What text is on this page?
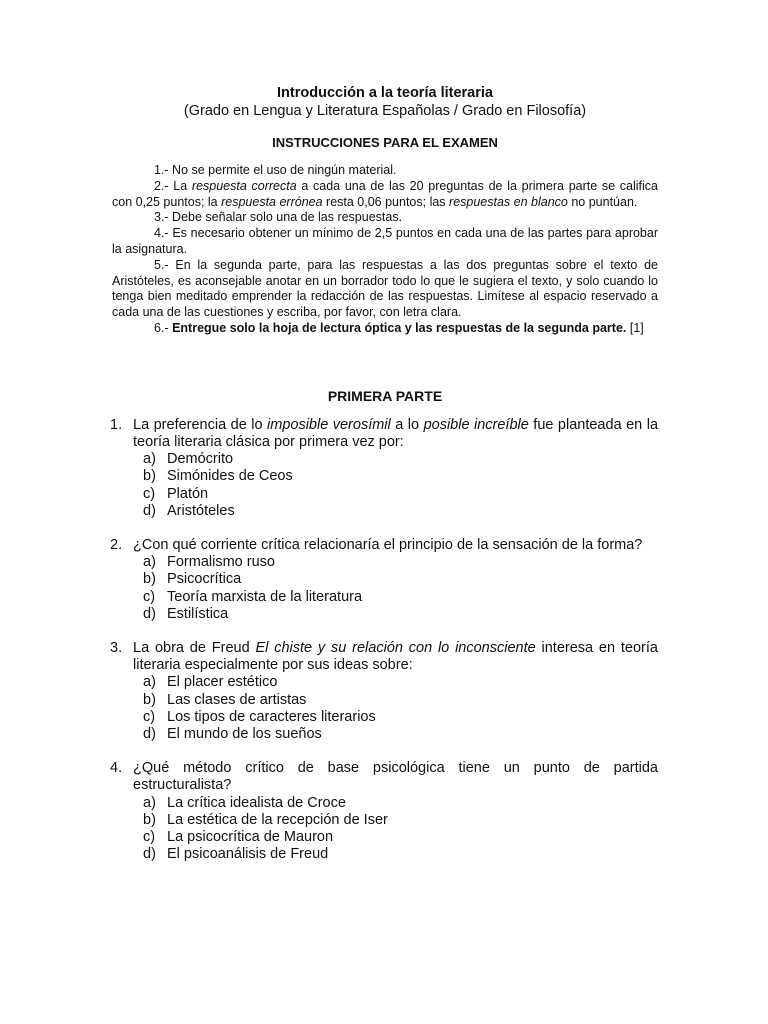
Introducción a la teoría literaria
(Grado en Lengua y Literatura Españolas / Grado en Filosofía)
INSTRUCCIONES PARA EL EXAMEN

1.- No se permite el uso de ningún material.

2.- La respuesta correcta a cada una de las 20 preguntas de la primera parte se califica con 0,25 puntos; la respuesta errónea resta 0,06 puntos; las respuestas en blanco no puntúan.

3.- Debe señalar solo una de las respuestas.

4.- Es necesario obtener un mínimo de 2,5 puntos en cada una de las partes para aprobar la asignatura.

5.- En la segunda parte, para las respuestas a las dos preguntas sobre el texto de Aristóteles, es aconsejable anotar en un borrador todo lo que le sugiera el texto, y solo cuando lo tenga bien meditado emprender la redacción de las respuestas. Limítese al espacio reservado a cada una de las cuestiones y escriba, por favor, con letra clara.

6.- Entregue solo la hoja de lectura óptica y las respuestas de la segunda parte. [1]

PRIMERA PARTE
1. La preferencia de lo imposible verosímil a lo posible increíble fue planteada en la teoría literaria clásica por primera vez por:
a) Demócrito
b) Simónides de Ceos
c) Platón
d) Aristóteles
2. ¿Con qué corriente crítica relacionaría el principio de la sensación de la forma?
a) Formalismo ruso
b) Psicocrítica
c) Teoría marxista de la literatura
d) Estilística
3. La obra de Freud El chiste y su relación con lo inconsciente interesa en teoría literaria especialmente por sus ideas sobre:
a) El placer estético
b) Las clases de artistas
c) Los tipos de caracteres literarios
d) El mundo de los sueños
4. ¿Qué método crítico de base psicológica tiene un punto de partida estructuralista?
a) La crítica idealista de Croce
b) La estética de la recepción de Iser
c) La psicocrítica de Mauron
d) El psicoanálisis de Freud
